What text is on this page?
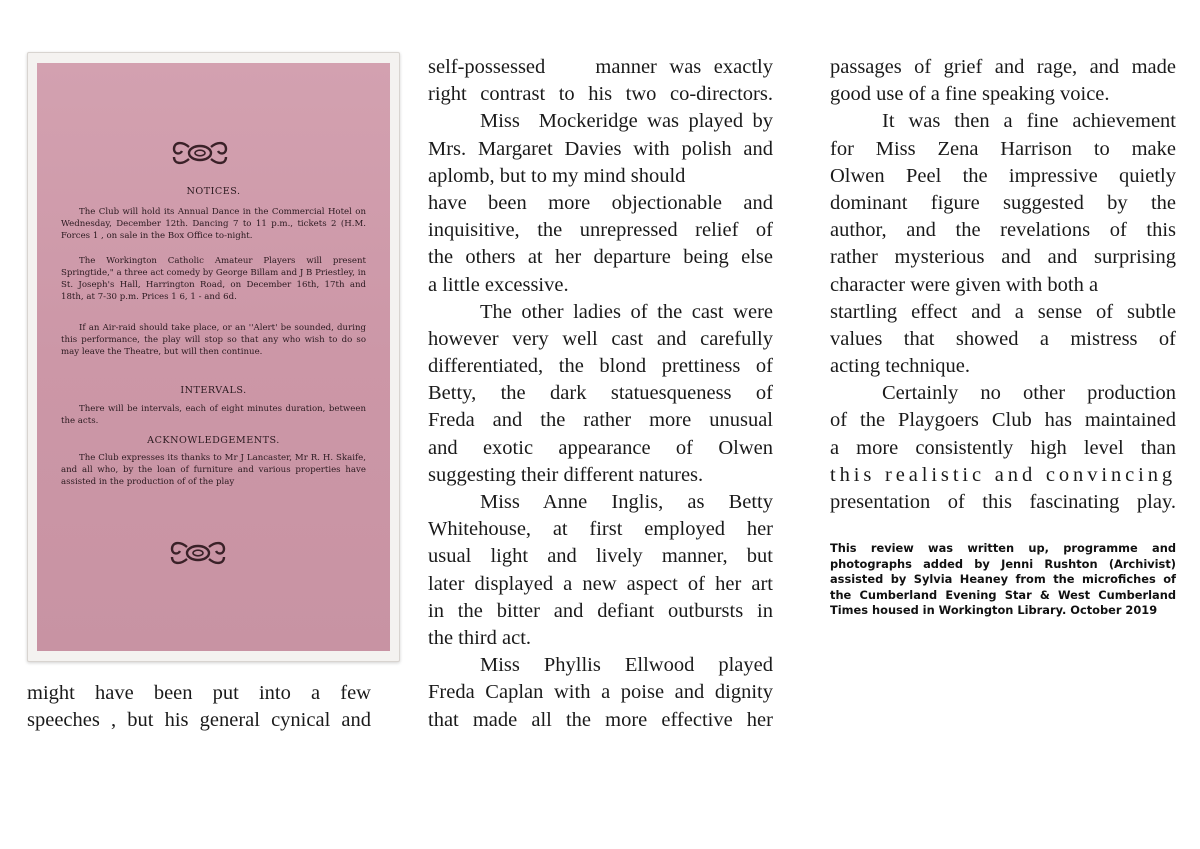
NOTICES.

The Club will hold its Annual Dance in the Commercial Hotel on Wednesday, December 12th. Dancing 7 to 11 p.m., tickets 2 (H.M. Forces 1 , on sale in the Box Office to-night.

The Workington Catholic Amateur Players will present Springtide," a three act comedy by George Billam and J B Priestley, in St. Joseph's Hall, Harrington Road, on December 16th, 17th and 18th, at 7-30 p.m. Prices 1 6, 1 - and 6d.

If an Air-raid should take place, or an ''Alert' be sounded, during this performance, the play will stop so that any who wish to do so may leave the Theatre, but will then continue.

INTERVALS.

There will be intervals, each of eight minutes duration, between the acts.

ACKNOWLEDGEMENTS.

The Club expresses its thanks to Mr J Lancaster, Mr R. H. Skaife, and all who, by the loan of furniture and various properties have assisted in the production of of the play

might have been put into a few
speeches , but his general cynical and
self-possessed    manner was exactly
right contrast to his two co-directors.
Miss  Mockeridge was played by
Mrs. Margaret Davies with polish and
aplomb, but to my mind should
have been more objectionable and
inquisitive, the unrepressed relief of
the others at her departure being else
a little excessive.
The other ladies of the cast were
however very well cast and carefully
differentiated, the blond prettiness of
Betty, the dark statuesqueness of
Freda and the rather more unusual
and exotic appearance of Olwen
suggesting their different natures.
Miss Anne Inglis, as Betty
Whitehouse, at first employed her
usual light and lively manner, but
later displayed a new aspect of her art
in the bitter and defiant outbursts in
the third act.
Miss Phyllis Ellwood played
Freda Caplan with a poise and dignity
that made all the more effective her
passages of grief and rage, and made
good use of a fine speaking voice.
It was then a fine achievement
for Miss Zena Harrison to make
Olwen Peel the impressive quietly
dominant figure suggested by the
author, and the revelations of this
rather mysterious and and surprising
character were given with both a
startling effect and a sense of subtle
values that showed a mistress of
acting technique.
Certainly no other production
of the Playgoers Club has maintained
a more consistently high level than
this realistic and convincing
presentation of this fascinating play.
This review was written up, programme and photographs added by Jenni Rushton (Archivist) assisted by Sylvia Heaney from the microfiches of the Cumberland Evening Star & West Cumberland
Times housed in Workington Library. October 2019
